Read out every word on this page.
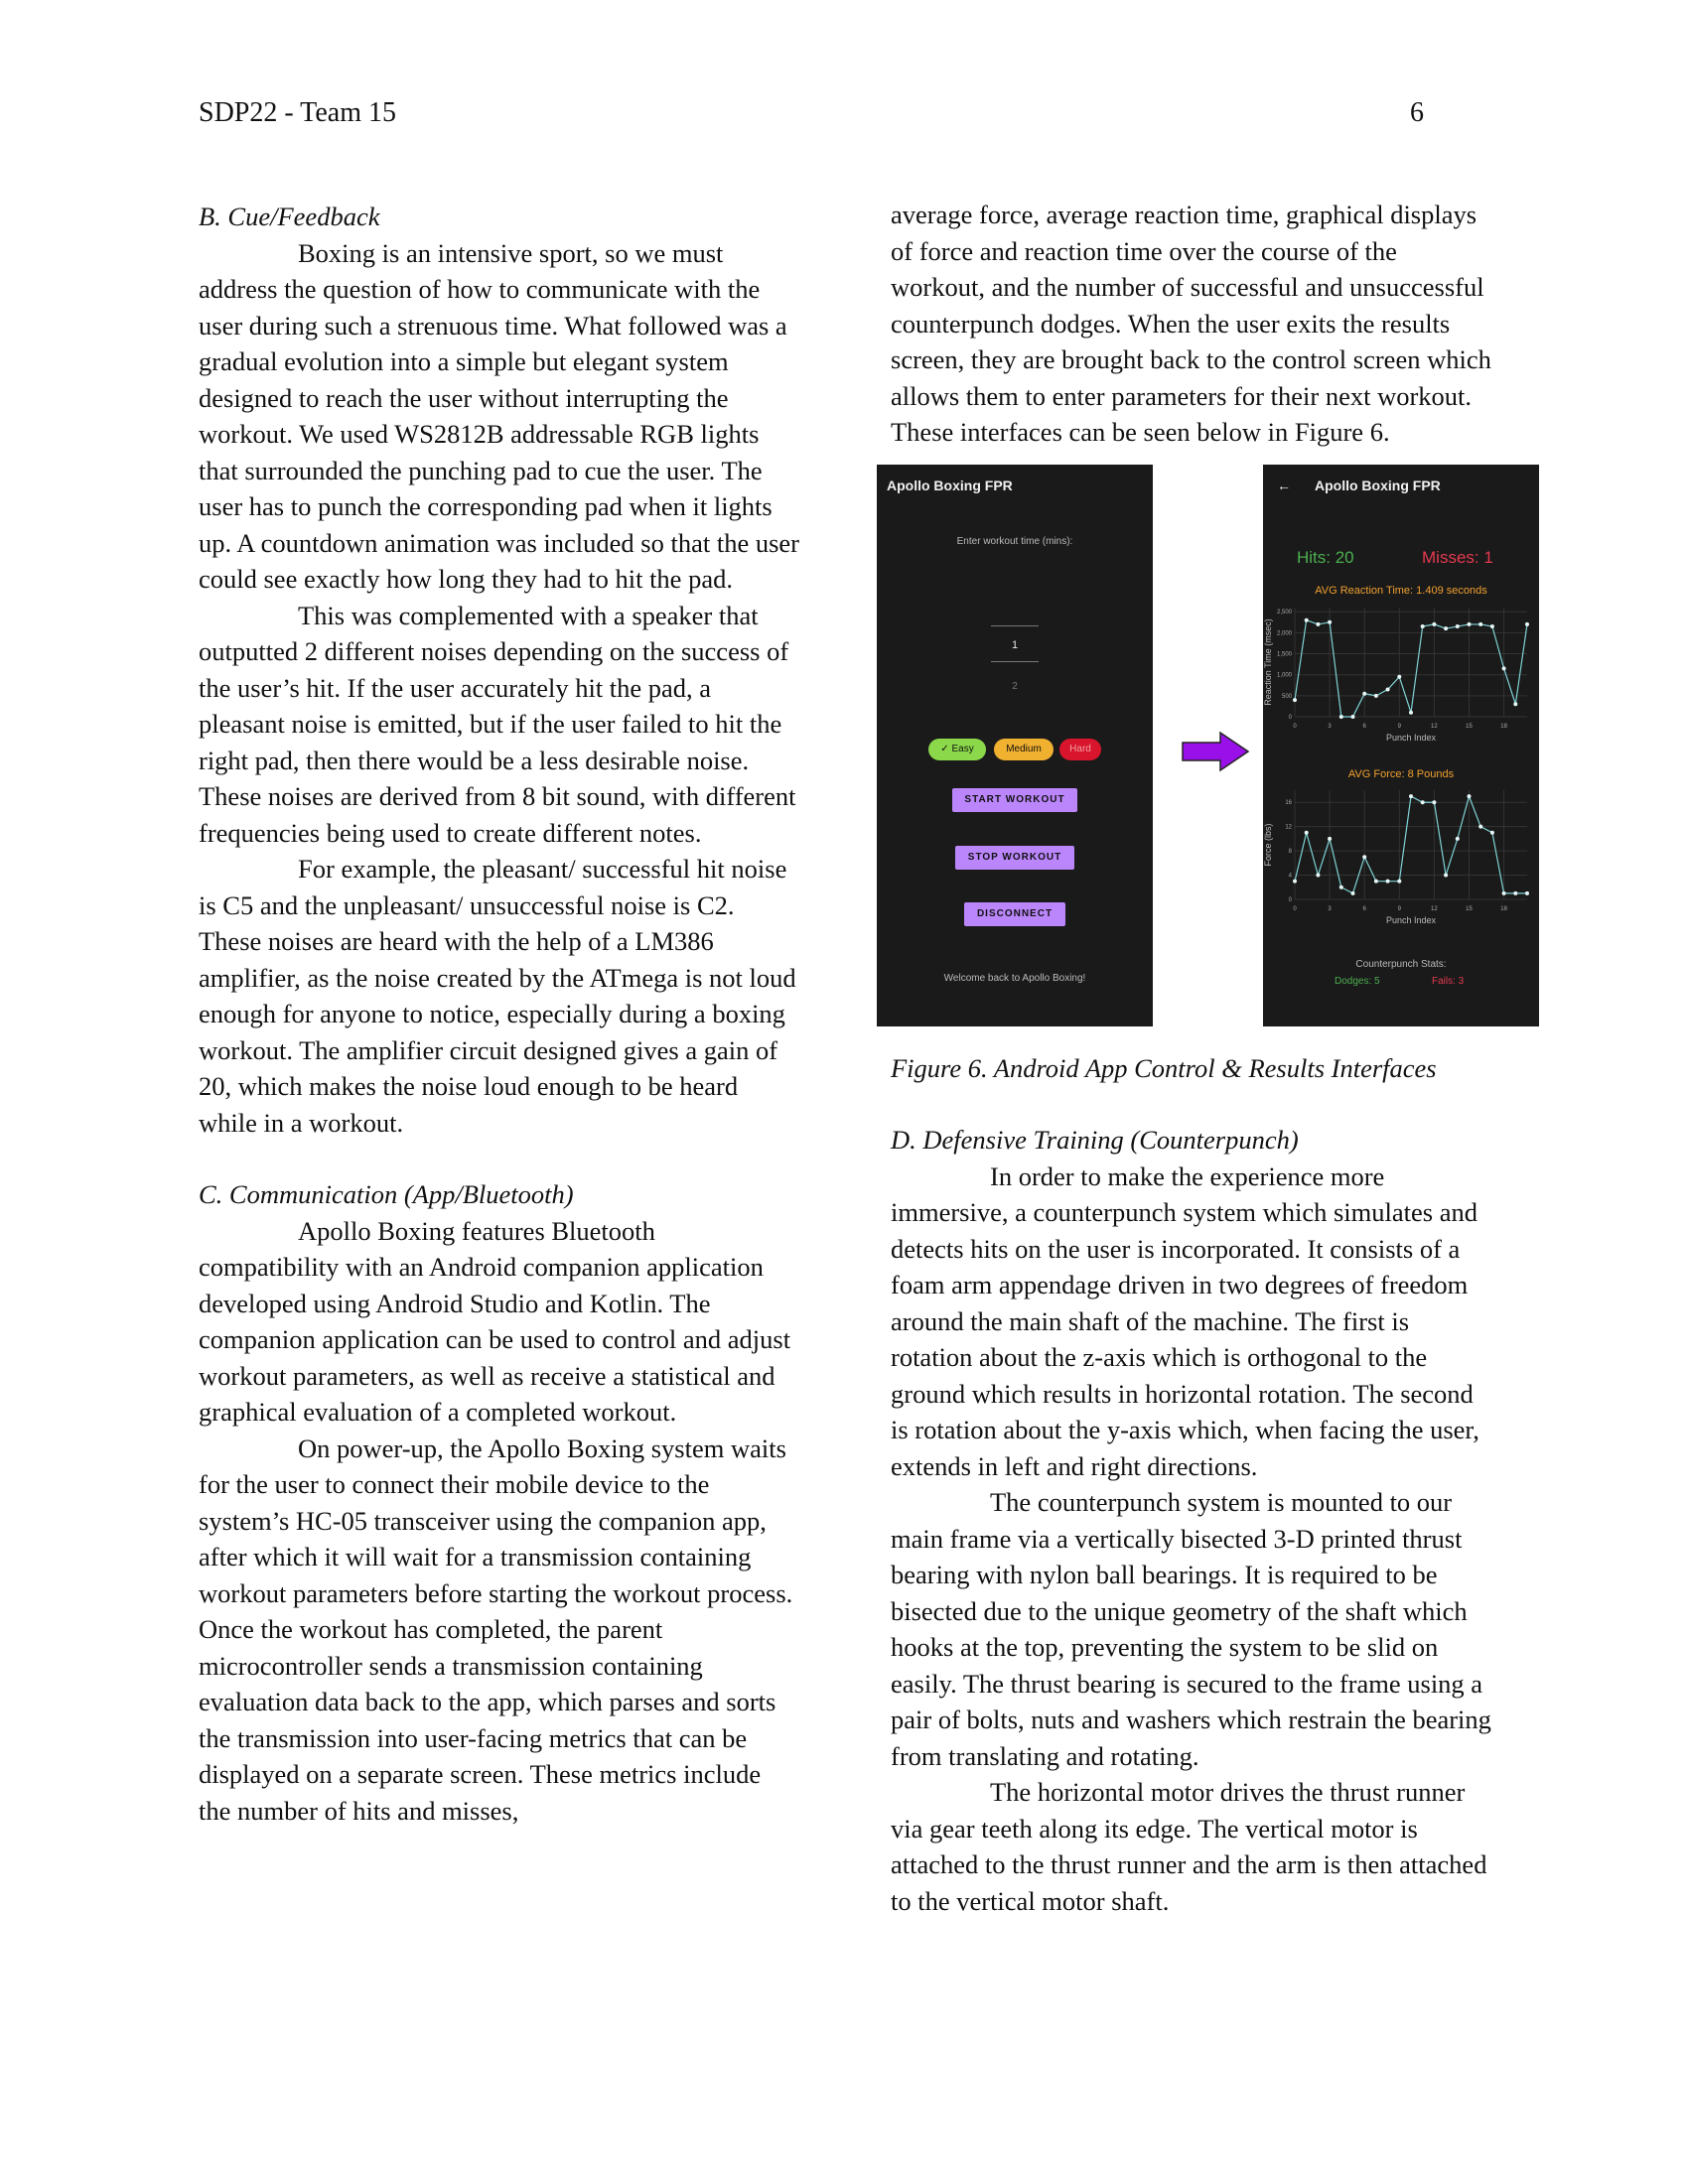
SDP22 - Team 15	6

B. Cue/Feedback

Boxing is an intensive sport, so we must address the question of how to communicate with the user during such a strenuous time. What followed was a gradual evolution into a simple but elegant system designed to reach the user without interrupting the workout. We used WS2812B addressable RGB lights that surrounded the punching pad to cue the user. The user has to punch the corresponding pad when it lights up. A countdown animation was included so that the user could see exactly how long they had to hit the pad.

This was complemented with a speaker that outputted 2 different noises depending on the success of the user’s hit. If the user accurately hit the pad, a pleasant noise is emitted, but if the user failed to hit the right pad, then there would be a less desirable noise. These noises are derived from 8 bit sound, with different frequencies being used to create different notes.

For example, the pleasant/ successful hit noise is C5 and the unpleasant/ unsuccessful noise is C2. These noises are heard with the help of a LM386 amplifier, as the noise created by the ATmega is not loud enough for anyone to notice, especially during a boxing workout. The amplifier circuit designed gives a gain of 20, which makes the noise loud enough to be heard while in a workout.

C. Communication (App/Bluetooth)

Apollo Boxing features Bluetooth compatibility with an Android companion application developed using Android Studio and Kotlin. The companion application can be used to control and adjust workout parameters, as well as receive a statistical and graphical evaluation of a completed workout.

On power-up, the Apollo Boxing system waits for the user to connect their mobile device to the system’s HC-05 transceiver using the companion app, after which it will wait for a transmission containing workout parameters before starting the workout process. Once the workout has completed, the parent microcontroller sends a transmission containing evaluation data back to the app, which parses and sorts the transmission into user-facing metrics that can be displayed on a separate screen. These metrics include the number of hits and misses,

average force, average reaction time, graphical displays of force and reaction time over the course of the workout, and the number of successful and unsuccessful counterpunch dodges. When the user exits the results screen, they are brought back to the control screen which allows them to enter parameters for their next workout. These interfaces can be seen below in Figure 6.

Apollo Boxing FPR
Enter workout time (mins):
1
2
✓ Easy	Medium	Hard
START WORKOUT
STOP WORKOUT
DISCONNECT
Welcome back to Apollo Boxing!
← Apollo Boxing FPR
Hits: 20	Misses: 1
AVG Reaction Time: 1.409 seconds
0	3	6	9	12	15	18
0
500
1,000
1,500
2,000
2,500
Punch Index
Reaction Time (msec)
AVG Force: 8 Pounds
0	3	6	9	12	15	18
0
4
8
12
16
Punch Index
Force (lbs)
Counterpunch Stats:
Dodges: 5	Fails: 3

Figure 6. Android App Control & Results Interfaces

D. Defensive Training (Counterpunch)

In order to make the experience more immersive, a counterpunch system which simulates and detects hits on the user is incorporated. It consists of a foam arm appendage driven in two degrees of freedom around the main shaft of the machine. The first is rotation about the z-axis which is orthogonal to the ground which results in horizontal rotation. The second is rotation about the y-axis which, when facing the user, extends in left and right directions.

The counterpunch system is mounted to our main frame via a vertically bisected 3-D printed thrust bearing with nylon ball bearings. It is required to be bisected due to the unique geometry of the shaft which hooks at the top, preventing the system to be slid on easily. The thrust bearing is secured to the frame using a pair of bolts, nuts and washers which restrain the bearing from translating and rotating.

The horizontal motor drives the thrust runner via gear teeth along its edge. The vertical motor is attached to the thrust runner and the arm is then attached to the vertical motor shaft.
